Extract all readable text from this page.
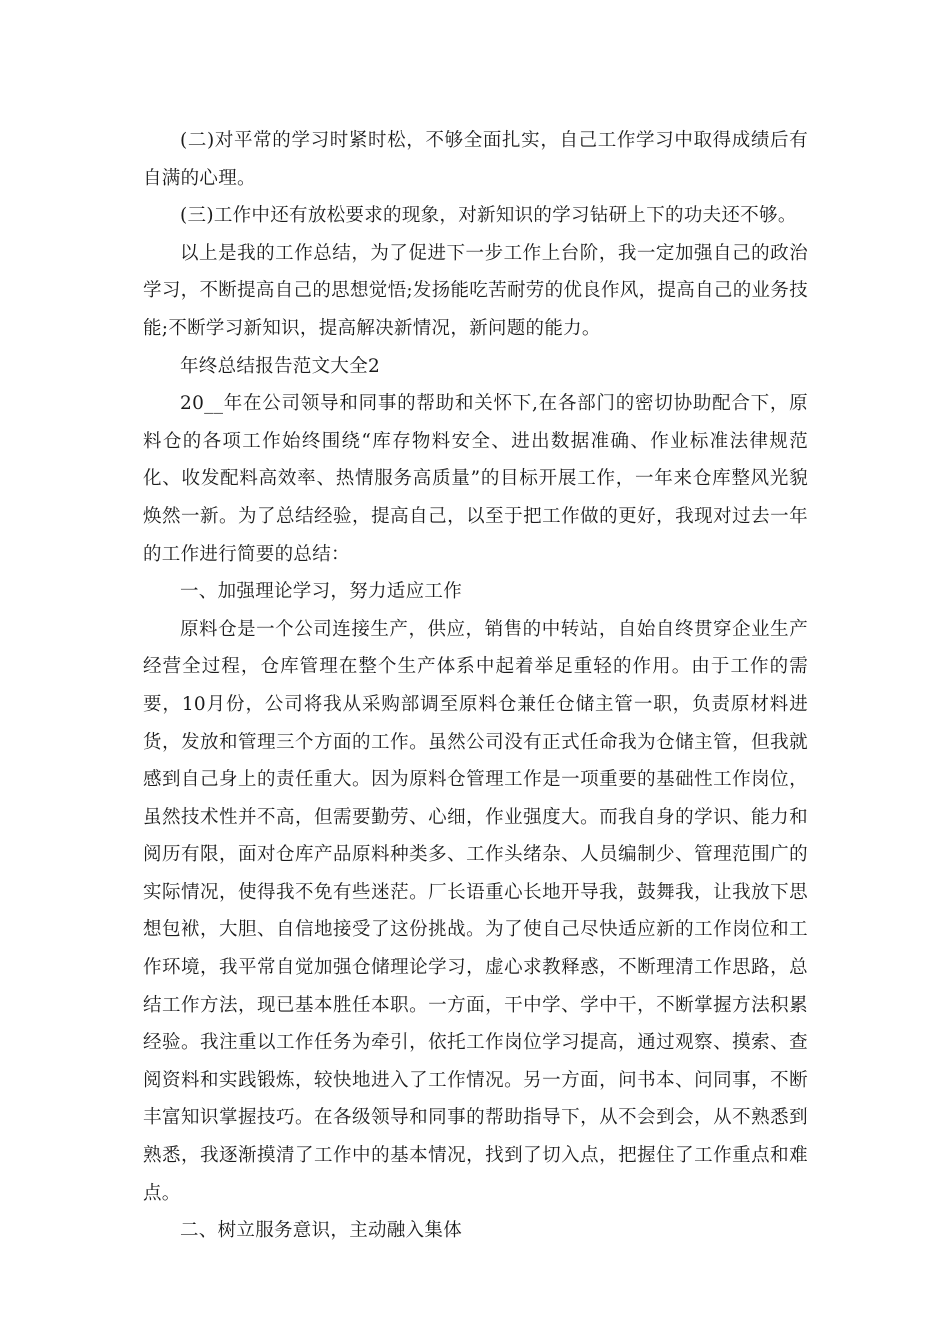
(二)对平常的学习时紧时松，不够全面扎实，自己工作学习中取得成绩后有自满的心理。

(三)工作中还有放松要求的现象，对新知识的学习钻研上下的功夫还不够。

以上是我的工作总结，为了促进下一步工作上台阶，我一定加强自己的政治学习，不断提高自己的思想觉悟;发扬能吃苦耐劳的优良作风，提高自己的业务技能;不断学习新知识，提高解决新情况，新问题的能力。

年终总结报告范文大全2

20__年在公司领导和同事的帮助和关怀下,在各部门的密切协助配合下，原料仓的各项工作始终围绕“库存物料安全、进出数据准确、作业标准法律规范化、收发配料高效率、热情服务高质量”的目标开展工作，一年来仓库整风光貌焕然一新。为了总结经验，提高自己，以至于把工作做的更好，我现对过去一年的工作进行简要的总结：

一、加强理论学习，努力适应工作

原料仓是一个公司连接生产，供应，销售的中转站，自始自终贯穿企业生产经营全过程，仓库管理在整个生产体系中起着举足重轻的作用。由于工作的需要，10月份，公司将我从采购部调至原料仓兼任仓储主管一职，负责原材料进货，发放和管理三个方面的工作。虽然公司没有正式任命我为仓储主管，但我就感到自己身上的责任重大。因为原料仓管理工作是一项重要的基础性工作岗位，虽然技术性并不高，但需要勤劳、心细，作业强度大。而我自身的学识、能力和阅历有限，面对仓库产品原料种类多、工作头绪杂、人员编制少、管理范围广的实际情况，使得我不免有些迷茫。厂长语重心长地开导我，鼓舞我，让我放下思想包袱，大胆、自信地接受了这份挑战。为了使自己尽快适应新的工作岗位和工作环境，我平常自觉加强仓储理论学习，虚心求教释惑，不断理清工作思路，总结工作方法，现已基本胜任本职。一方面，干中学、学中干，不断掌握方法积累经验。我注重以工作任务为牵引，依托工作岗位学习提高，通过观察、摸索、查阅资料和实践锻炼，较快地进入了工作情况。另一方面，问书本、问同事，不断丰富知识掌握技巧。在各级领导和同事的帮助指导下，从不会到会，从不熟悉到熟悉，我逐渐摸清了工作中的基本情况，找到了切入点，把握住了工作重点和难点。

二、树立服务意识，主动融入集体
